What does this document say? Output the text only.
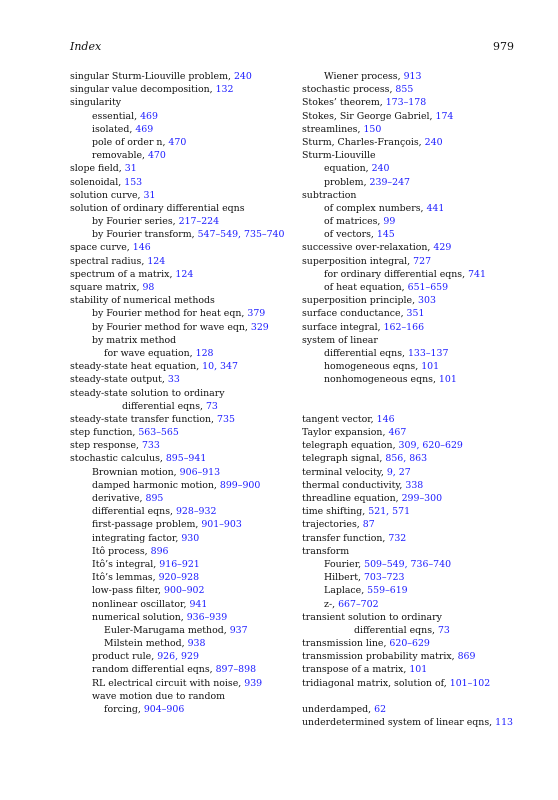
Index	979
singular Sturm-Liouville problem, 240
singular value decomposition, 132
singularity
essential, 469
isolated, 469
pole of order n, 470
removable, 470
slope field, 31
solenoidal, 153
solution curve, 31
solution of ordinary differential eqns
by Fourier series, 217–224
by Fourier transform, 547–549, 735–740
space curve, 146
spectral radius, 124
spectrum of a matrix, 124
square matrix, 98
stability of numerical methods
by Fourier method for heat eqn, 379
by Fourier method for wave eqn, 329
by matrix method
for wave equation, 128
steady-state heat equation, 10, 347
steady-state output, 33
steady-state solution to ordinary
differential eqns, 73
steady-state transfer function, 735
step function, 563–565
step response, 733
stochastic calculus, 895–941
Brownian motion, 906–913
damped harmonic motion, 899–900
derivative, 895
differential eqns, 928–932
first-passage problem, 901–903
integrating factor, 930
Itô process, 896
Itô’s integral, 916–921
Itô’s lemmas, 920–928
low-pass filter, 900–902
nonlinear oscillator, 941
numerical solution, 936–939
Euler-Marugama method, 937
Milstein method, 938
product rule, 926, 929
random differential eqns, 897–898
RL electrical circuit with noise, 939
wave motion due to random
forcing, 904–906
Wiener process, 913
stochastic process, 855
Stokes’ theorem, 173–178
Stokes, Sir George Gabriel, 174
streamlines, 150
Sturm, Charles-François, 240
Sturm-Liouville
equation, 240
problem, 239–247
subtraction
of complex numbers, 441
of matrices, 99
of vectors, 145
successive over-relaxation, 429
superposition integral, 727
for ordinary differential eqns, 741
of heat equation, 651–659
superposition principle, 303
surface conductance, 351
surface integral, 162–166
system of linear
differential eqns, 133–137
homogeneous eqns, 101
nonhomogeneous eqns, 101
tangent vector, 146
Taylor expansion, 467
telegraph equation, 309, 620–629
telegraph signal, 856, 863
terminal velocity, 9, 27
thermal conductivity, 338
threadline equation, 299–300
time shifting, 521, 571
trajectories, 87
transfer function, 732
transform
Fourier, 509–549, 736–740
Hilbert, 703–723
Laplace, 559–619
z-, 667–702
transient solution to ordinary
differential eqns, 73
transmission line, 620–629
transmission probability matrix, 869
transpose of a matrix, 101
tridiagonal matrix, solution of, 101–102
underdamped, 62
underdetermined system of linear eqns, 113
